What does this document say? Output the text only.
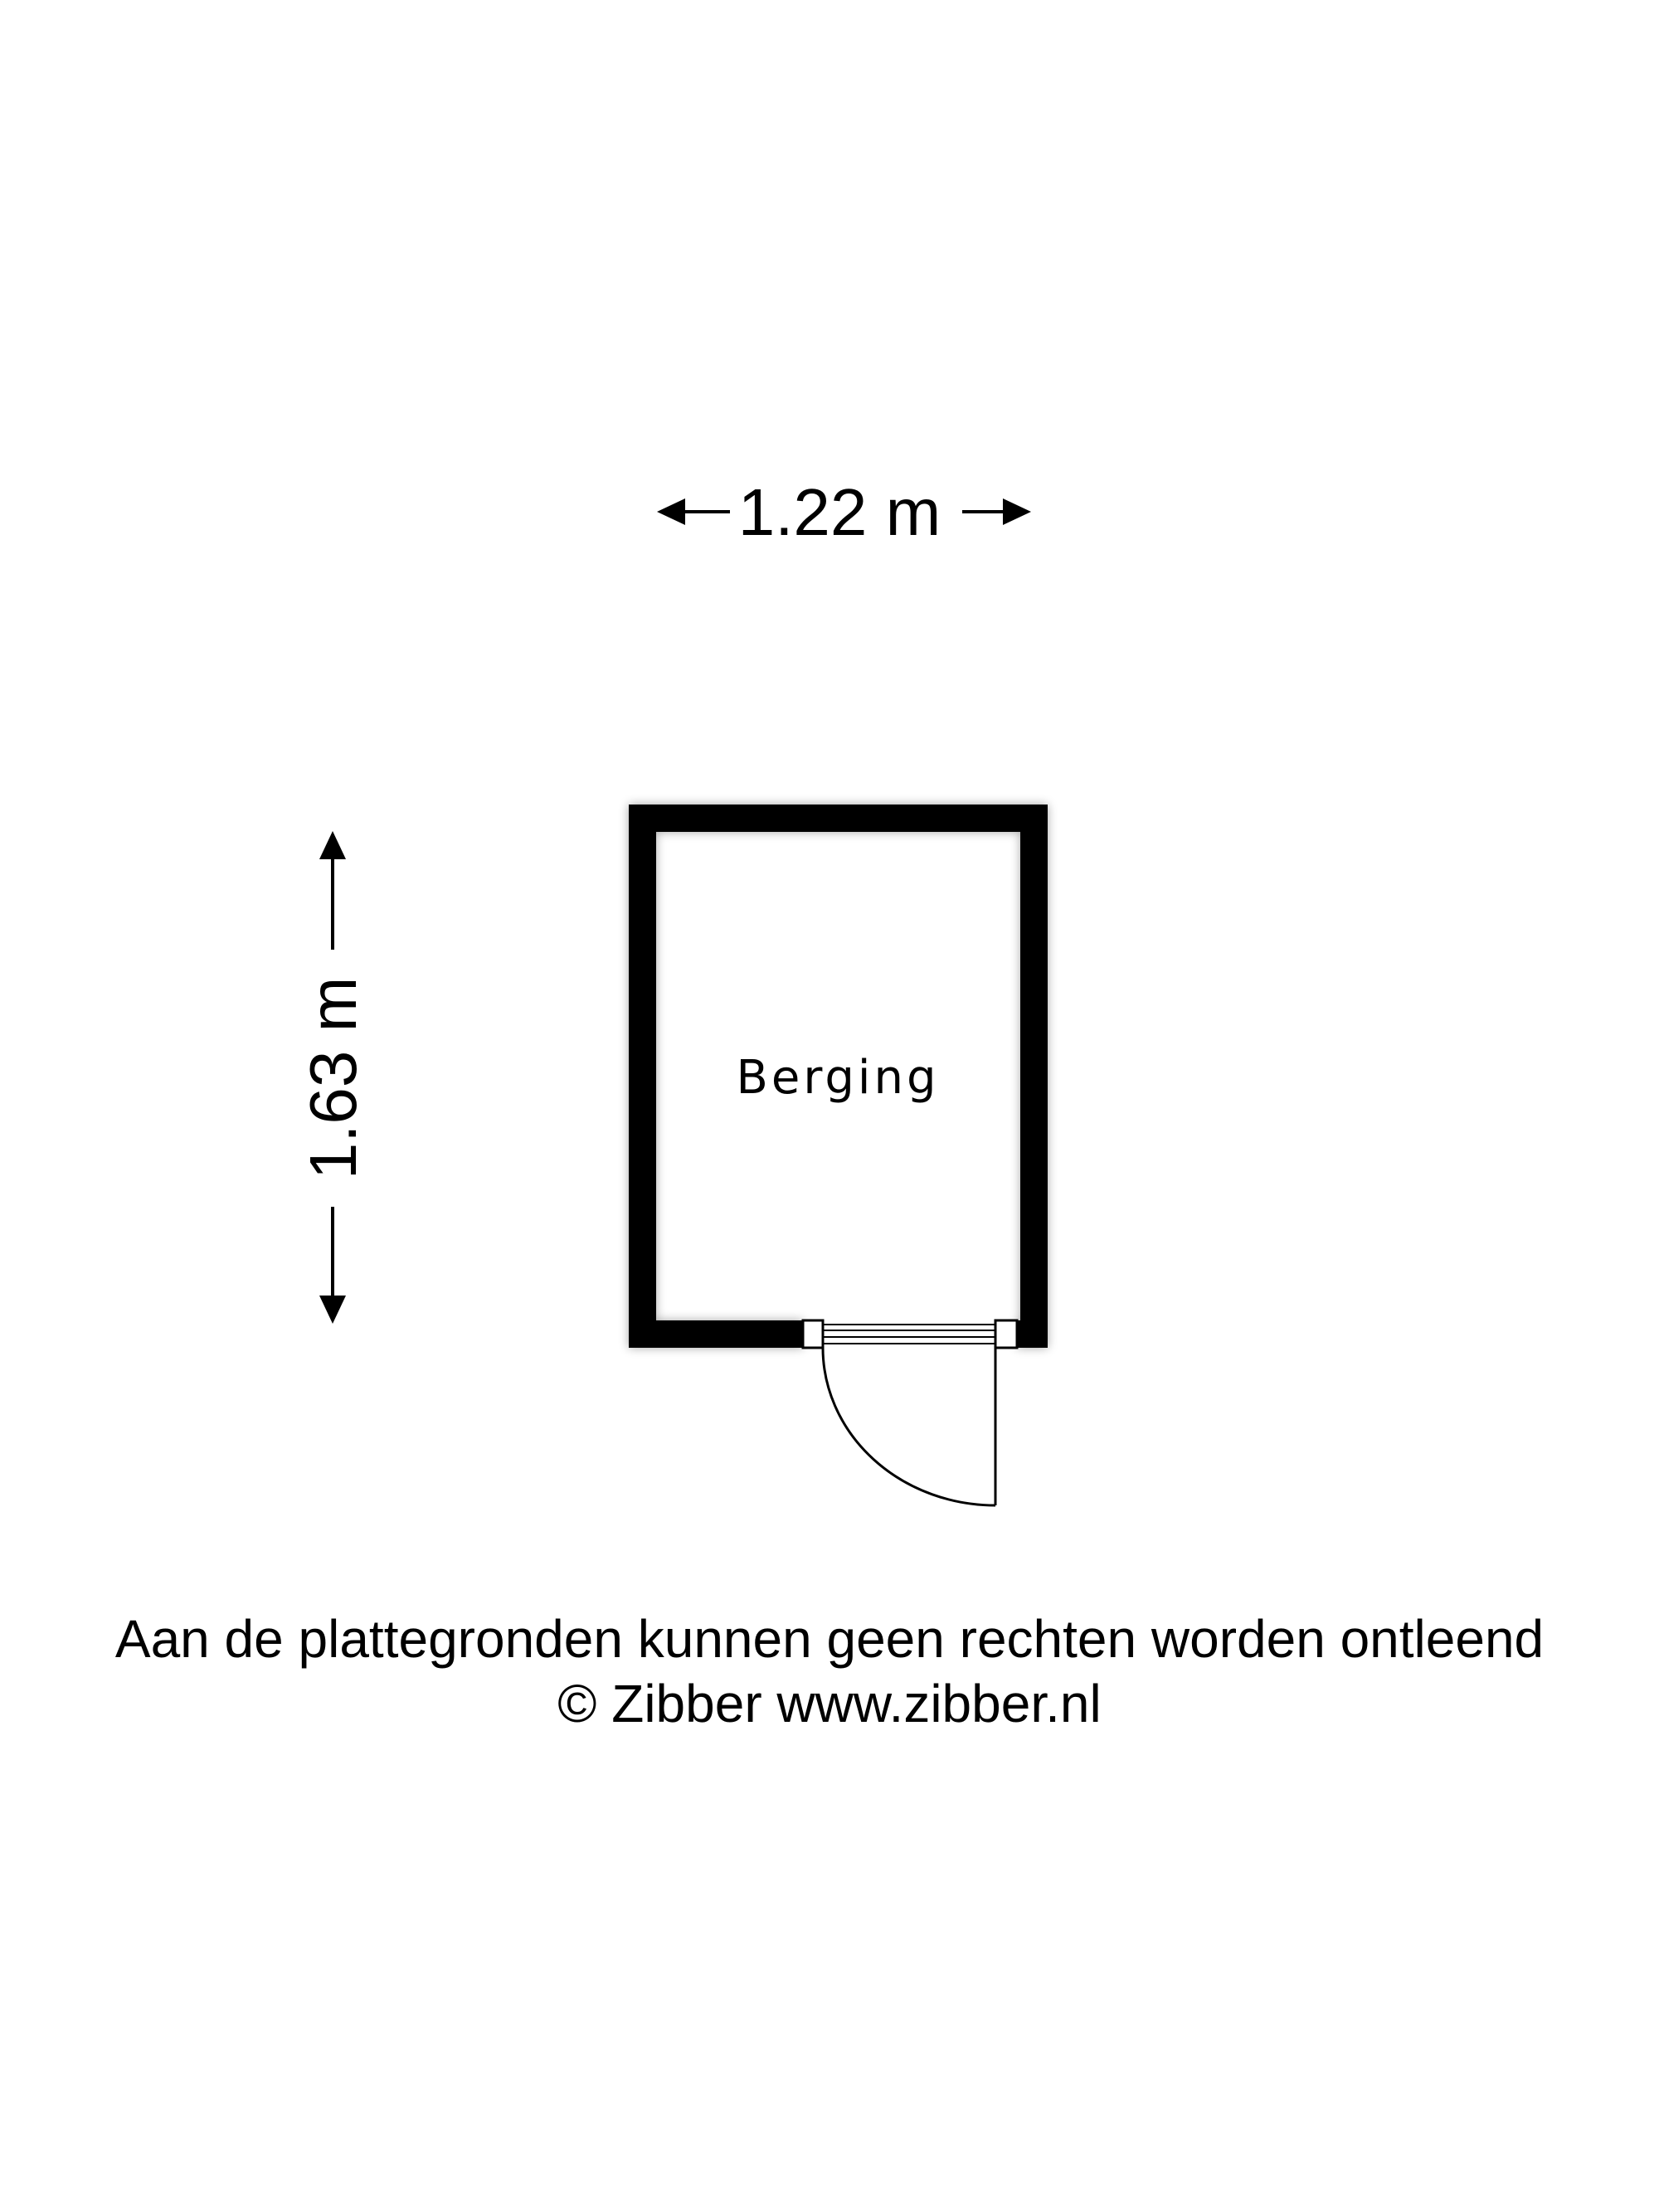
1.22 m
1.63 m	Berging
Aan de plattegronden kunnen geen rechten worden ontleend
© Zibber www.zibber.nl
